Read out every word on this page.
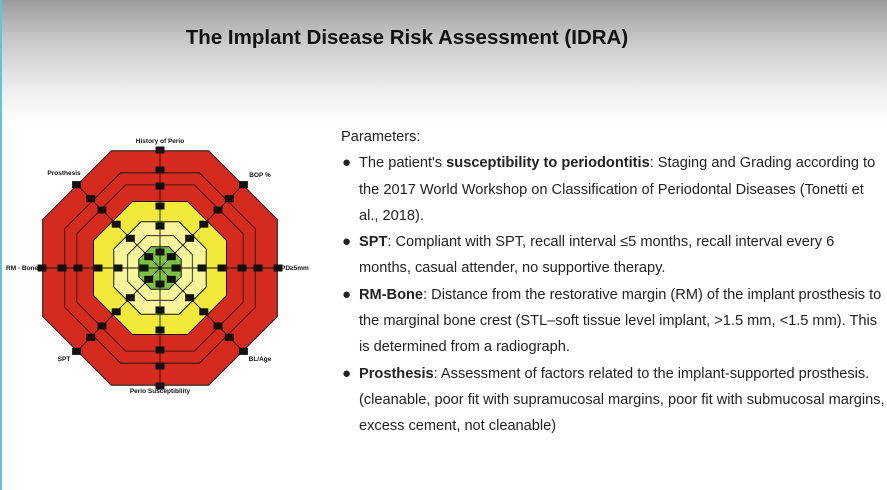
The Implant Disease Risk Assessment (IDRA)
History of Perio
BOP %
PD≥5mm
BL/Age
Perio Susceptibility
SPT
RM - Bone
Prosthesis
Parameters:
● The patient's susceptibility to periodontitis: Staging and Grading according to the 2017 World Workshop on Classification of Periodontal Diseases (Tonetti et al., 2018).
● SPT: Compliant with SPT, recall interval ≤5 months, recall interval every 6 months, casual attender, no supportive therapy.
● RM-Bone: Distance from the restorative margin (RM) of the implant prosthesis to the marginal bone crest (STL–soft tissue level implant, >1.5 mm, <1.5 mm). This is determined from a radiograph.
● Prosthesis: Assessment of factors related to the implant-supported prosthesis. (cleanable, poor fit with supramucosal margins, poor fit with submucosal margins, excess cement, not cleanable)
